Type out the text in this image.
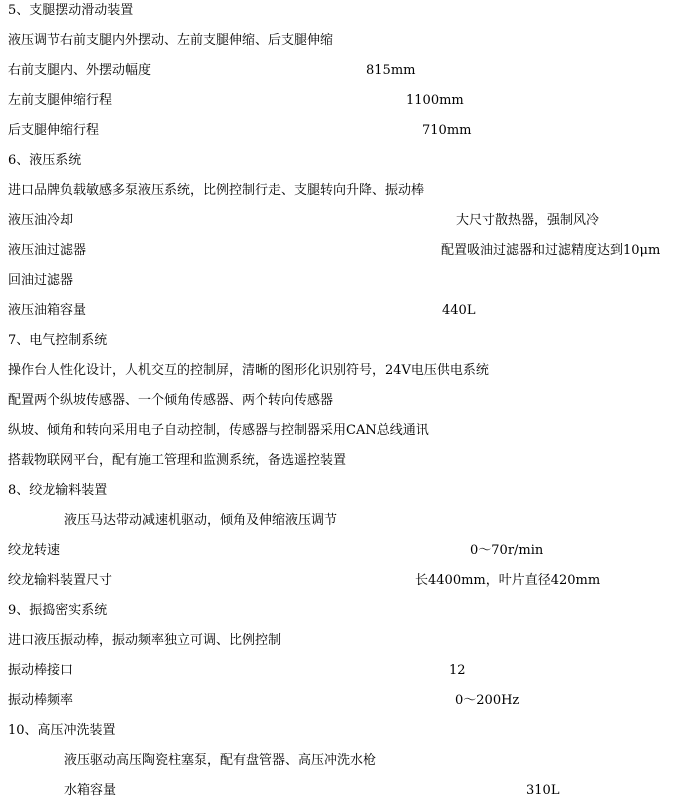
5、支腿摆动滑动装置
液压调节右前支腿内外摆动、左前支腿伸缩、后支腿伸缩
右前支腿内、外摆动幅度	815mm
左前支腿伸缩行程	1100mm
后支腿伸缩行程	710mm
6、液压系统
进口品牌负载敏感多泵液压系统，比例控制行走、支腿转向升降、振动棒
液压油冷却	大尺寸散热器，强制风冷
液压油过滤器	配置吸油过滤器和过滤精度达到10μm
回油过滤器
液压油箱容量	440L
7、电气控制系统
操作台人性化设计，人机交互的控制屏，清晰的图形化识别符号，24V电压供电系统
配置两个纵坡传感器、一个倾角传感器、两个转向传感器
纵坡、倾角和转向采用电子自动控制，传感器与控制器采用CAN总线通讯
搭载物联网平台，配有施工管理和监测系统，备选遥控装置
8、绞龙输料装置
液压马达带动减速机驱动，倾角及伸缩液压调节
绞龙转速	0～70r/min
绞龙输料装置尺寸	长4400mm，叶片直径420mm
9、振捣密实系统
进口液压振动棒，振动频率独立可调、比例控制
振动棒接口	12
振动棒频率	0～200Hz
10、高压冲洗装置
液压驱动高压陶瓷柱塞泵，配有盘管器、高压冲洗水枪
水箱容量	310L
